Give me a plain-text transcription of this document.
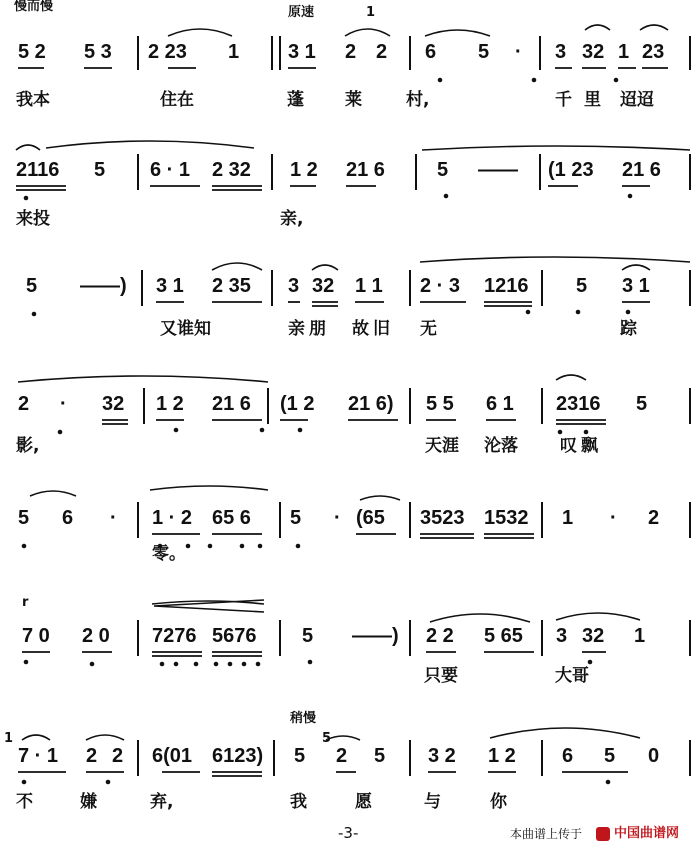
慢而慢	原速
稍慢
5 2 5 3 2 23 1 3 1 2 2 6 5 · 3 32 1 23
1
我本	住在	蓬 莱	村,	千里 迢迢
2116 5 6 · 1 2 32 1 2 21 6	5 —— (1 23 21 6
来投	亲,
5 ——) 3 1 2 35 3 32 1 1 2 · 3 1216 5 3 1
又谁知	亲朋 故旧 无	踪
2 · 32 1 2 21 6 (1 2 21 6) 5 5 6 1 2316 5
影,	天涯 沦落 叹飘
5 6 · 1 · 2 65 6 5 · (65 3523 1532 1 · 2
零。
r
7 0 2 0 7276 5676 5 ——) 2 2 5 65 3 32 1
只要	大哥
1
7 · 1 2 2 6(01 6123) 5
5
2 5 3 2 1 2 6 5 0
不	嫌	弃,	我	愿	与	你
-3-	本曲谱上传于 中国曲谱网
